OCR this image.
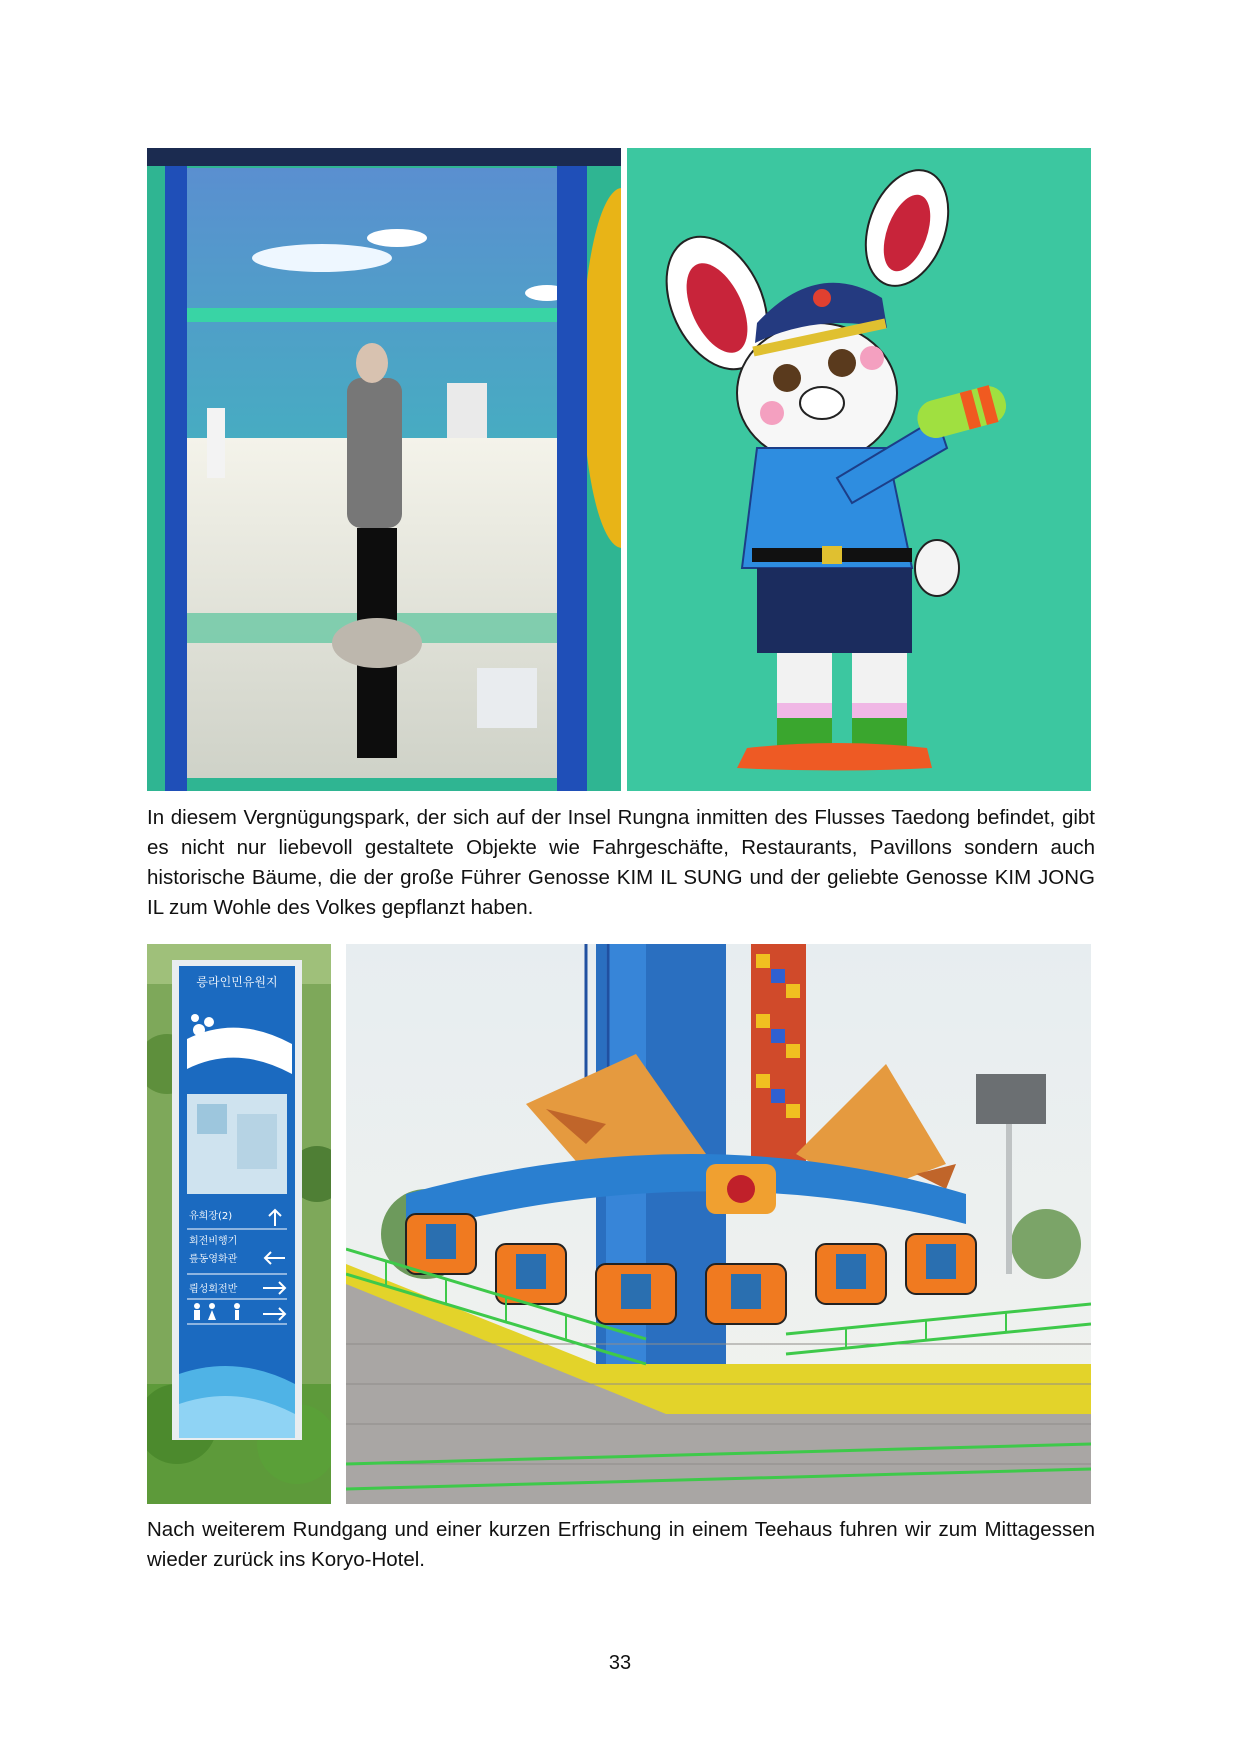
In diesem Vergnügungspark, der sich auf der Insel Rungna inmitten des Flusses Taedong befindet, gibt es nicht nur liebevoll gestaltete Objekte wie Fahrgeschäfte, Restaurants, Pavillons sondern auch historische Bäume, die der große Führer Genosse KIM IL SUNG und der geliebte Genosse KIM JONG IL zum Wohle des Volkes gepflanzt haben.

릉라인민유원지
유희장(2)
회전비행기
릎동영화관
릠성회전반

Nach weiterem Rundgang und einer kurzen Erfrischung in einem Teehaus fuhren wir zum Mittagessen wieder zurück ins Koryo-Hotel.

33
